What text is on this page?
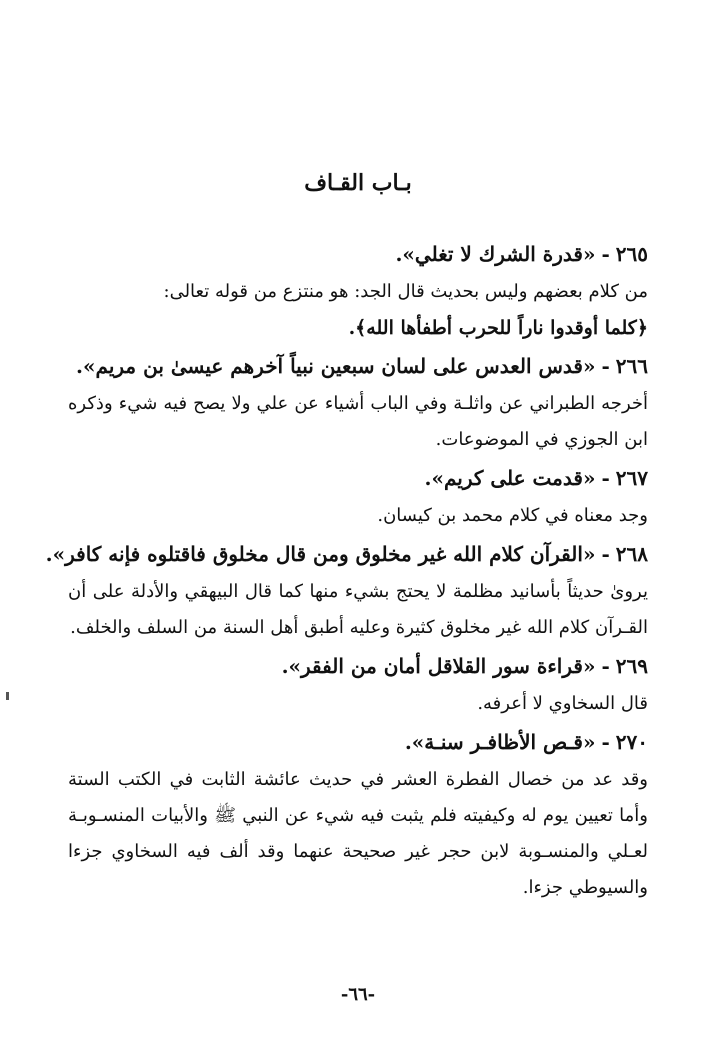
بـاب القـاف
٢٦٥-«قدرة الشرك لا تغلي».
من كلام بعضهم وليس بحديث قال الجد: هو منتزع من قوله تعالى:
﴿كلما أوقدوا ناراً للحرب أطفأها الله﴾.
٢٦٦-«قدس العدس على لسان سبعين نبياً آخرهم عيسىٰ بن مريم».
أخرجه الطبراني عن واثلـة وفي الباب أشياء عن علي ولا يصح فيه شيء وذكره ابن الجوزي في الموضوعات.
٢٦٧-«قدمت على كريم».
وجد معناه في كلام محمد بن كيسان.
٢٦٨-«القرآن كلام الله غير مخلوق ومن قال مخلوق فاقتلوه فإنه كافر».
يروىٰ حديثاً بأسانيد مظلمة لا يحتج بشيء منها كما قال البيهقي والأدلة على أن القـرآن كلام الله غير مخلوق كثيرة وعليه أطبق أهل السنة من السلف والخلف.
٢٦٩-«قراءة سور القلاقل أمان من الفقر».
قال السخاوي لا أعرفه.
٢٧٠-«قـص الأظافـر سنـة».
وقد عد من خصال الفطرة العشر في حديث عائشة الثابت في الكتب الستة وأما تعيين يوم له وكيفيته فلم يثبت فيه شيء عن النبي ﷺ والأبيات المنسـوبـة لعـلي والمنسـوبة لابن حجر غير صحيحة عنهما وقد ألف فيه السخاوي جزءا والسيوطي جزءا.
-٦٦-
